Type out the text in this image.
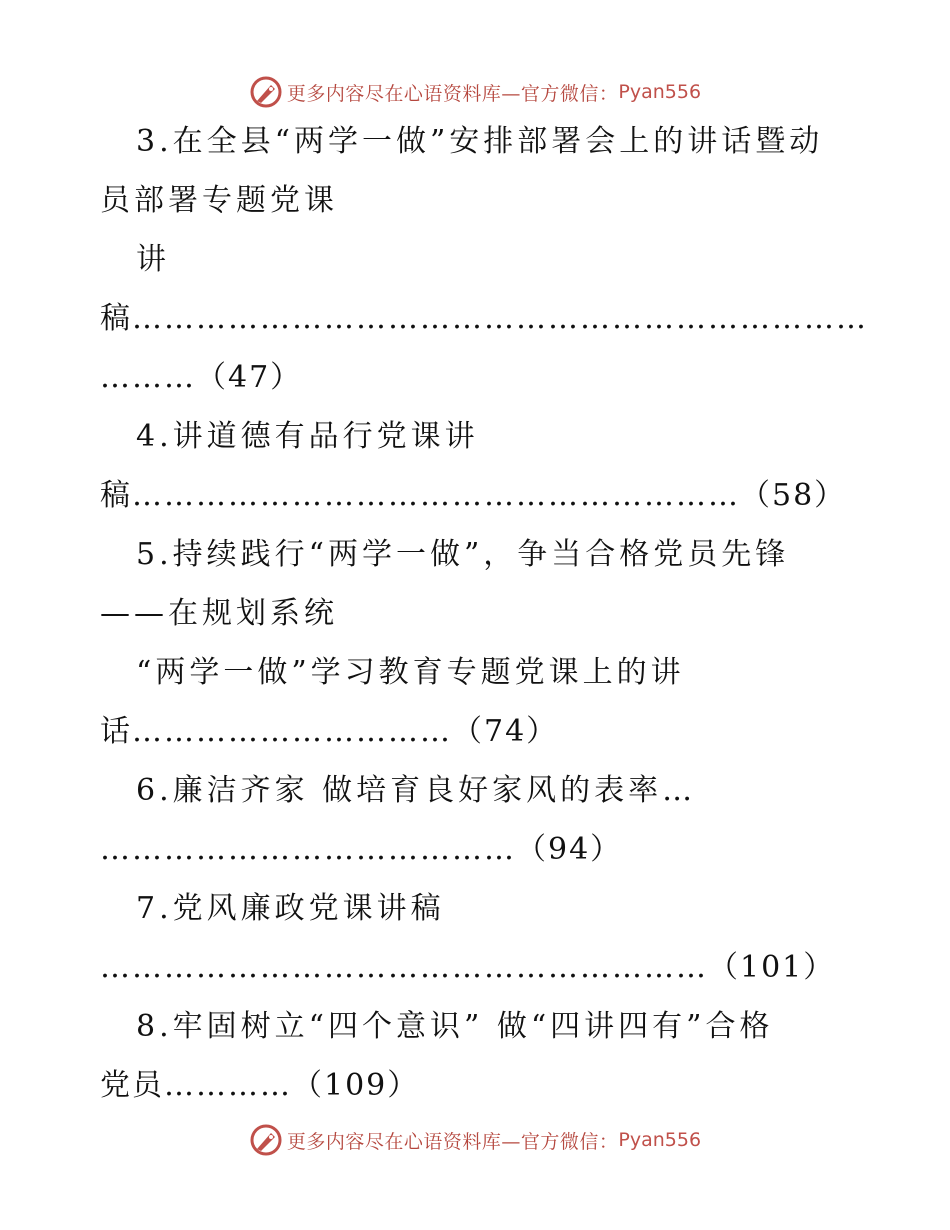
更多内容尽在心语资料库—官方微信： Pyan556
3.在全县“两学一做”安排部署会上的讲话暨动
员部署专题党课
讲
稿……………………………………………………………
………（47）
4.讲道德有品行党课讲
稿…………………………………………………（58）
5.持续践行“两学一做”，争当合格党员先锋
——在规划系统
“两学一做”学习教育专题党课上的讲
话…………………………（74）
6.廉洁齐家 做培育良好家风的表率…
…………………………………（94）
7.党风廉政党课讲稿
…………………………………………………（101）
8.牢固树立“四个意识” 做“四讲四有”合格
党员…………（109）
更多内容尽在心语资料库—官方微信： Pyan556
